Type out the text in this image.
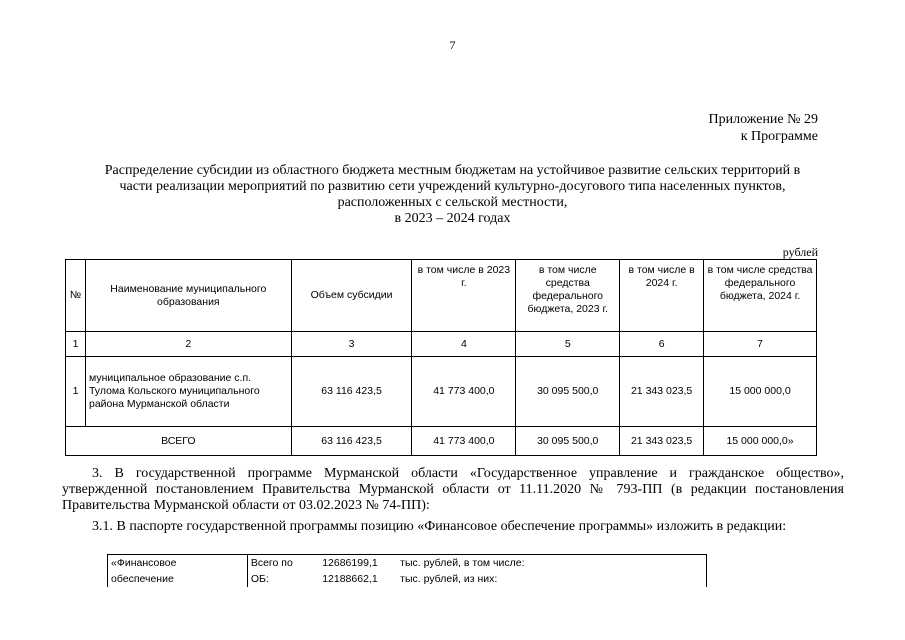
7
Приложение № 29
к Программе
Распределение субсидии из областного бюджета местным бюджетам на устойчивое развитие сельских территорий в
части реализации мероприятий по развитию сети учреждений культурно-досугового типа населенных пунктов,
расположенных с сельской местности,
в 2023 – 2024 годах
рублей
№	Наименование муниципального образования	Объем субсидии	в том числе в 2023 г.	в том числе средства федерального бюджета, 2023 г.	в том числе в 2024 г.	в том числе средства федерального бюджета, 2024 г.
1	2	3	4	5	6	7
1	муниципальное образование с.п. Тулома Кольского муниципального района Мурманской области	63 116 423,5	41 773 400,0	30 095 500,0	21 343 023,5	15 000 000,0
ВСЕГО		63 116 423,5	41 773 400,0	30 095 500,0	21 343 023,5	15 000 000,0»
3. В государственной программе Мурманской области «Государственное управление и гражданское общество», утвержденной постановлением Правительства Мурманской области от 11.11.2020 № 793-ПП (в редакции постановления Правительства Мурманской области от 03.02.2023 № 74-ПП):
3.1. В паспорте государственной программы позицию «Финансовое обеспечение программы» изложить в редакции:
«Финансовое	Всего по	12686199,1	тыс. рублей, в том числе:
обеспечение	ОБ:	12188662,1	тыс. рублей, из них:
